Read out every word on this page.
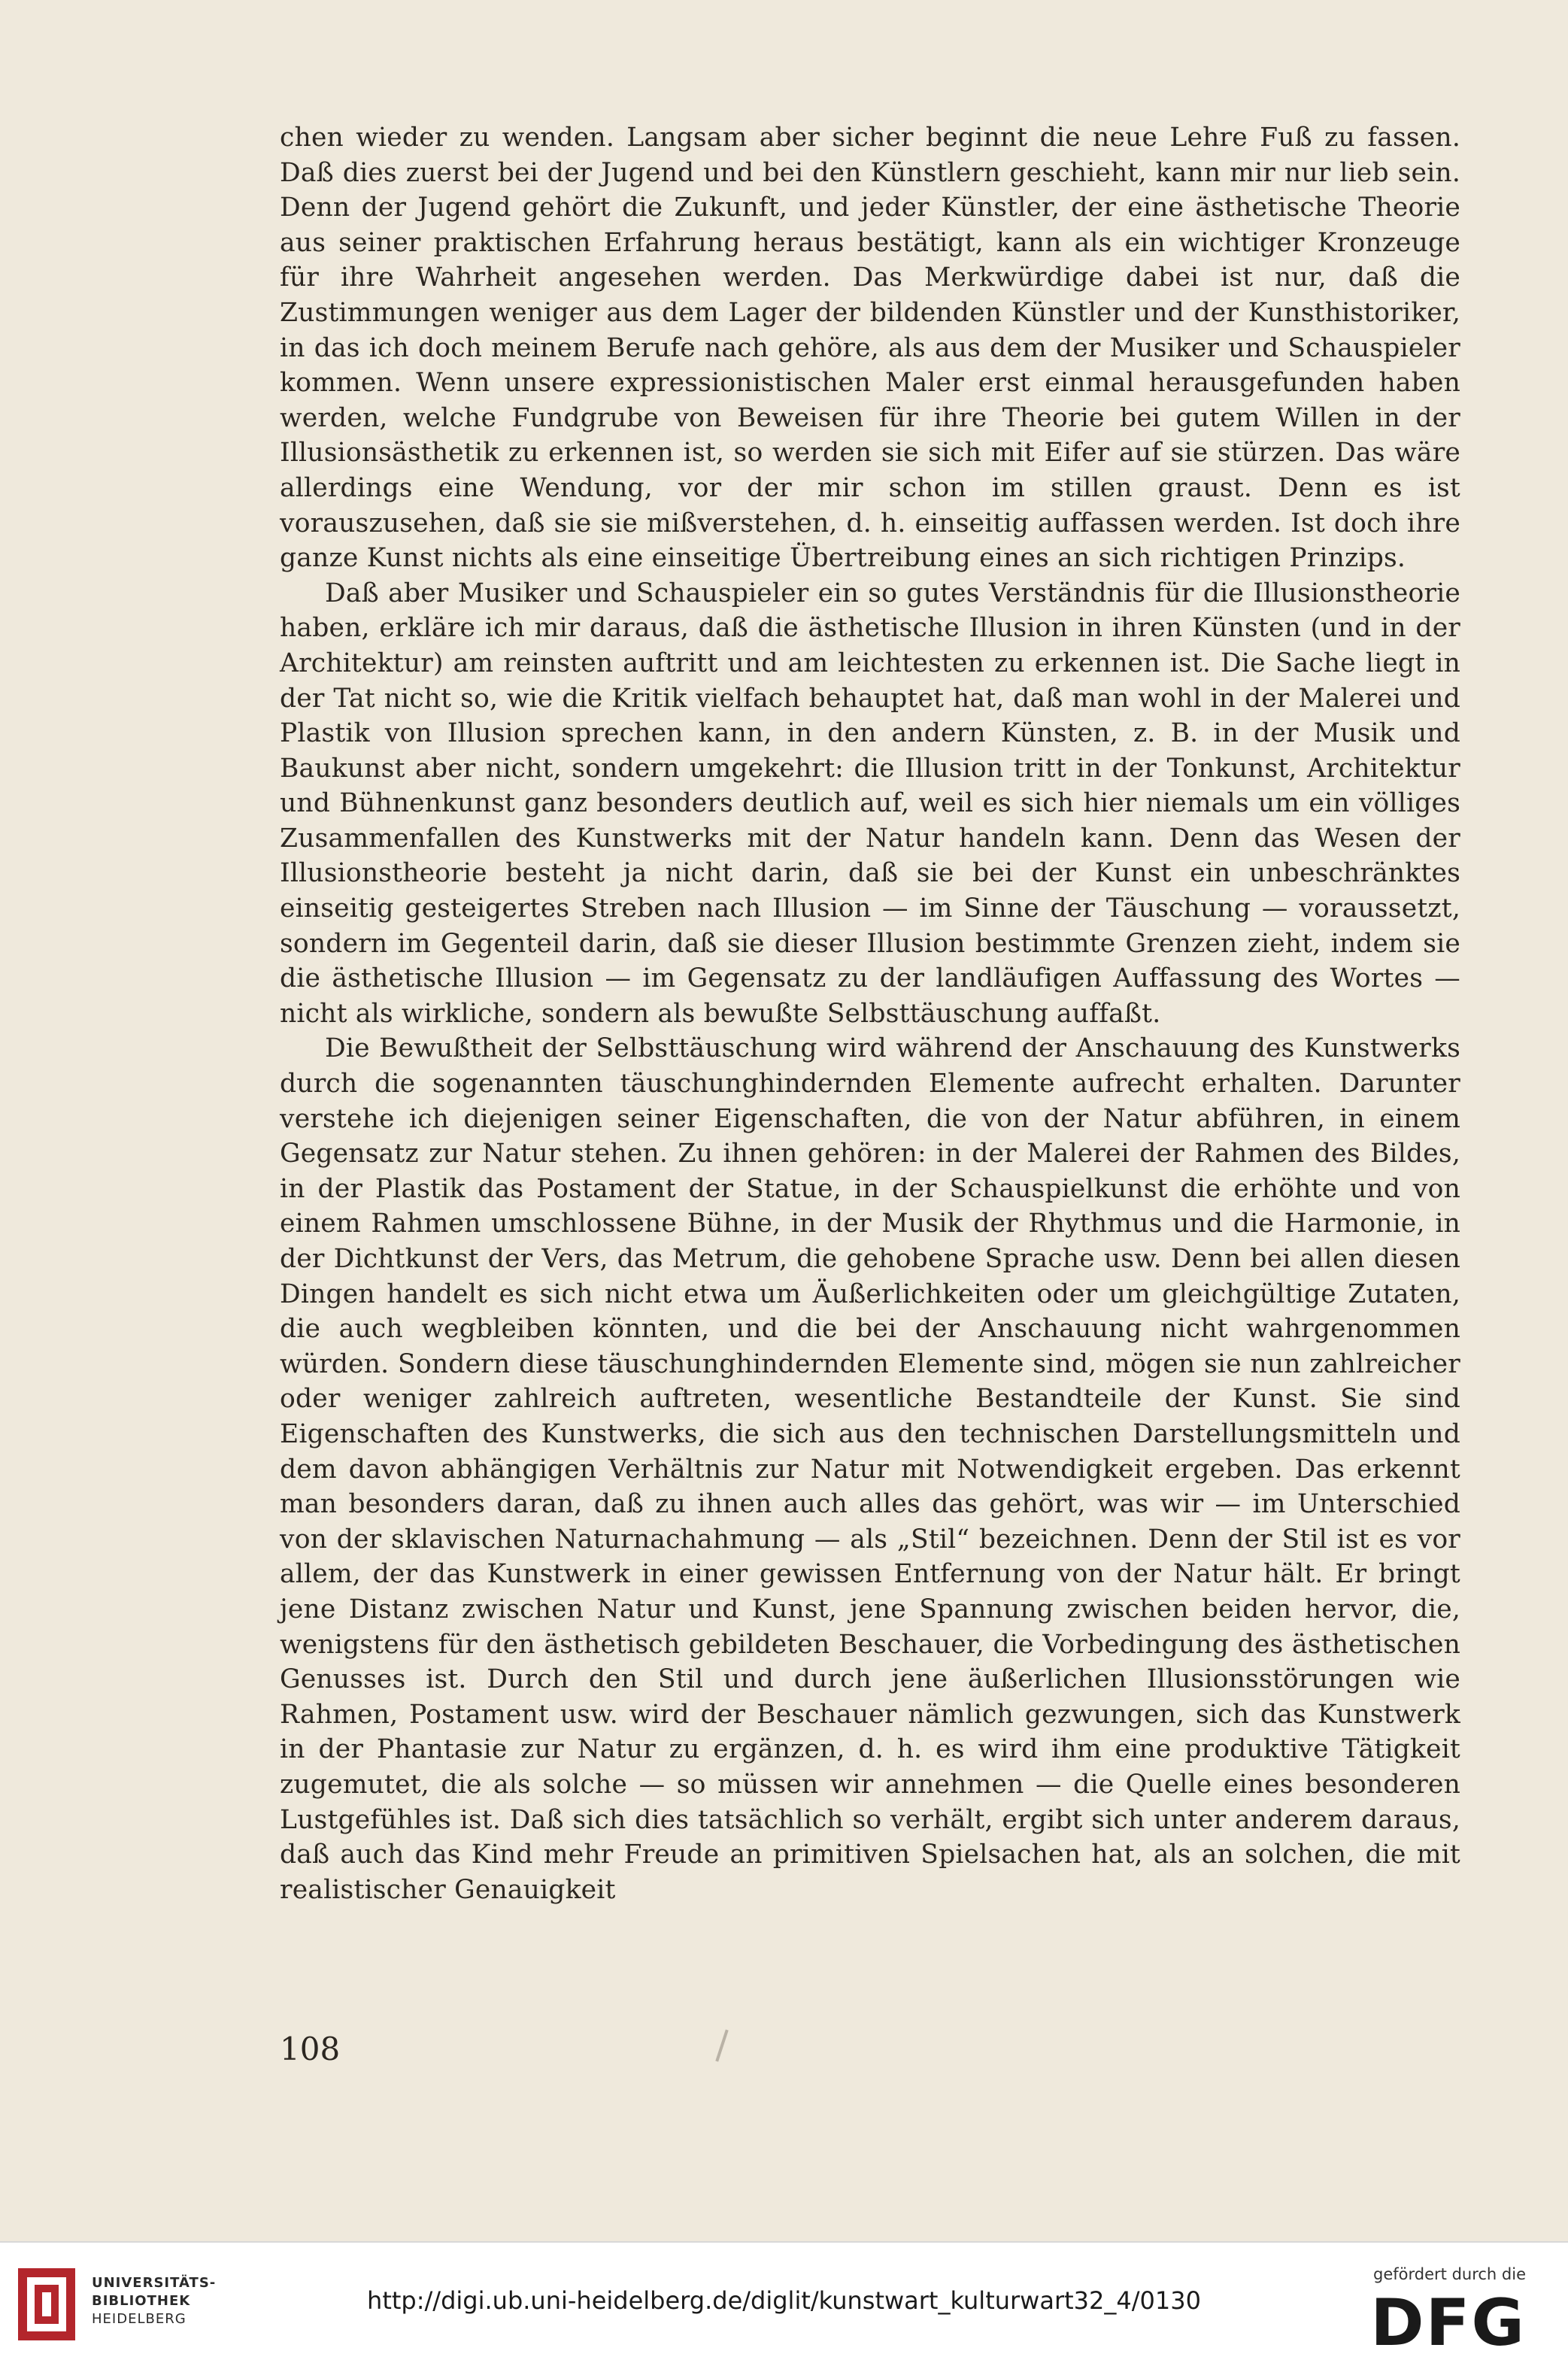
chen wieder zu wenden. Langsam aber sicher beginnt die neue Lehre Fuß zu fassen. Daß dies zuerst bei der Jugend und bei den Künstlern geschieht, kann mir nur lieb sein. Denn der Jugend gehört die Zukunft, und jeder Künstler, der eine ästhetische Theorie aus seiner praktischen Erfahrung heraus bestätigt, kann als ein wichtiger Kronzeuge für ihre Wahrheit angesehen werden. Das Merkwürdige dabei ist nur, daß die Zustimmungen weniger aus dem Lager der bildenden Künstler und der Kunsthistoriker, in das ich doch meinem Berufe nach gehöre, als aus dem der Musiker und Schauspieler kommen. Wenn unsere expressionistischen Maler erst einmal herausgefunden haben werden, welche Fundgrube von Beweisen für ihre Theorie bei gutem Willen in der Illusionsästhetik zu erkennen ist, so werden sie sich mit Eifer auf sie stürzen. Das wäre allerdings eine Wendung, vor der mir schon im stillen graust. Denn es ist vorauszusehen, daß sie sie mißverstehen, d. h. einseitig auffassen werden. Ist doch ihre ganze Kunst nichts als eine einseitige Übertreibung eines an sich richtigen Prinzips.

Daß aber Musiker und Schauspieler ein so gutes Verständnis für die Illusionstheorie haben, erkläre ich mir daraus, daß die ästhetische Illusion in ihren Künsten (und in der Architektur) am reinsten auftritt und am leichtesten zu erkennen ist. Die Sache liegt in der Tat nicht so, wie die Kritik vielfach behauptet hat, daß man wohl in der Malerei und Plastik von Illusion sprechen kann, in den andern Künsten, z. B. in der Musik und Baukunst aber nicht, sondern umgekehrt: die Illusion tritt in der Tonkunst, Architektur und Bühnenkunst ganz besonders deutlich auf, weil es sich hier niemals um ein völliges Zusammenfallen des Kunstwerks mit der Natur handeln kann. Denn das Wesen der Illusionstheorie besteht ja nicht darin, daß sie bei der Kunst ein unbeschränktes einseitig gesteigertes Streben nach Illusion — im Sinne der Täuschung — voraussetzt, sondern im Gegenteil darin, daß sie dieser Illusion bestimmte Grenzen zieht, indem sie die ästhetische Illusion — im Gegensatz zu der landläufigen Auffassung des Wortes — nicht als wirkliche, sondern als bewußte Selbsttäuschung auffaßt.

Die Bewußtheit der Selbsttäuschung wird während der Anschauung des Kunstwerks durch die sogenannten täuschunghindernden Elemente aufrecht erhalten. Darunter verstehe ich diejenigen seiner Eigenschaften, die von der Natur abführen, in einem Gegensatz zur Natur stehen. Zu ihnen gehören: in der Malerei der Rahmen des Bildes, in der Plastik das Postament der Statue, in der Schauspielkunst die erhöhte und von einem Rahmen umschlossene Bühne, in der Musik der Rhythmus und die Harmonie, in der Dichtkunst der Vers, das Metrum, die gehobene Sprache usw. Denn bei allen diesen Dingen handelt es sich nicht etwa um Äußerlichkeiten oder um gleichgültige Zutaten, die auch wegbleiben könnten, und die bei der Anschauung nicht wahrgenommen würden. Sondern diese täuschunghindernden Elemente sind, mögen sie nun zahlreicher oder weniger zahlreich auftreten, wesentliche Bestandteile der Kunst. Sie sind Eigenschaften des Kunstwerks, die sich aus den technischen Darstellungsmitteln und dem davon abhängigen Verhältnis zur Natur mit Notwendigkeit ergeben. Das erkennt man besonders daran, daß zu ihnen auch alles das gehört, was wir — im Unterschied von der sklavischen Naturnachahmung — als „Stil“ bezeichnen. Denn der Stil ist es vor allem, der das Kunstwerk in einer gewissen Entfernung von der Natur hält. Er bringt jene Distanz zwischen Natur und Kunst, jene Spannung zwischen beiden hervor, die, wenigstens für den ästhetisch gebildeten Beschauer, die Vorbedingung des ästhetischen Genusses ist. Durch den Stil und durch jene äußerlichen Illusionsstörungen wie Rahmen, Postament usw. wird der Beschauer nämlich gezwungen, sich das Kunstwerk in der Phantasie zur Natur zu ergänzen, d. h. es wird ihm eine produktive Tätigkeit zugemutet, die als solche — so müssen wir annehmen — die Quelle eines besonderen Lustgefühles ist. Daß sich dies tatsächlich so verhält, ergibt sich unter anderem daraus, daß auch das Kind mehr Freude an primitiven Spielsachen hat, als an solchen, die mit realistischer Genauigkeit

108
UNIVERSITÄTS-
BIBLIOTHEK
HEIDELBERG
http://digi.ub.uni-heidelberg.de/diglit/kunstwart_kulturwart32_4/0130
gefördert durch die
DFG
